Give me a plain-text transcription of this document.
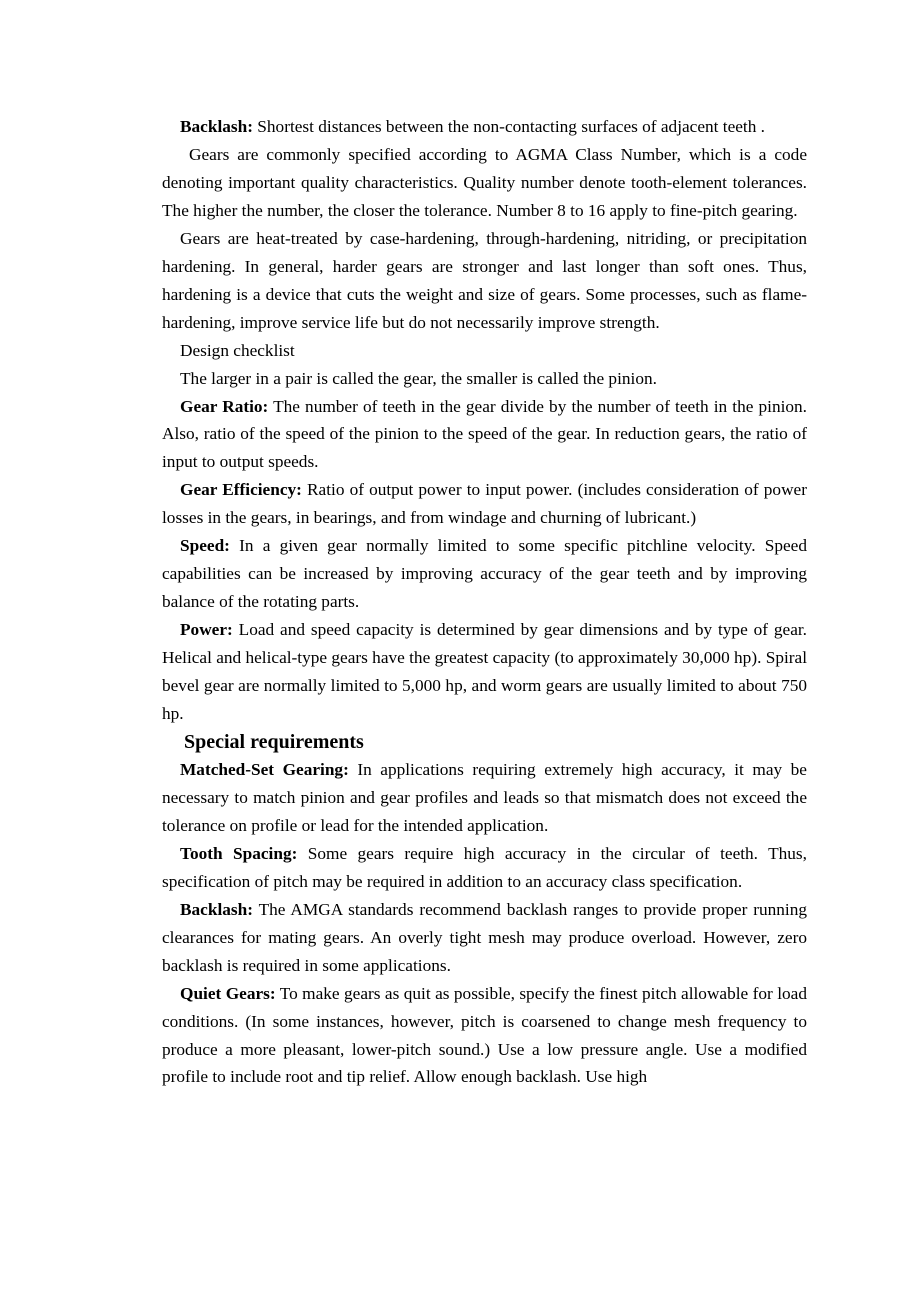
Backlash: Shortest distances between the non-contacting surfaces of adjacent teeth .

Gears are commonly specified according to AGMA Class Number, which is a code denoting important quality characteristics. Quality number denote tooth-element tolerances. The higher the number, the closer the tolerance. Number 8 to 16 apply to fine-pitch gearing.

Gears are heat-treated by case-hardening, through-hardening, nitriding, or precipitation hardening. In general, harder gears are stronger and last longer than soft ones. Thus, hardening is a device that cuts the weight and size of gears. Some processes, such as flame-hardening, improve service life but do not necessarily improve strength.

Design checklist

The larger in a pair is called the gear, the smaller is called the pinion.

Gear Ratio: The number of teeth in the gear divide by the number of teeth in the pinion. Also, ratio of the speed of the pinion to the speed of the gear. In reduction gears, the ratio of input to output speeds.

Gear Efficiency: Ratio of output power to input power. (includes consideration of power losses in the gears, in bearings, and from windage and churning of lubricant.)

Speed: In a given gear normally limited to some specific pitchline velocity. Speed capabilities can be increased by improving accuracy of the gear teeth and by improving balance of the rotating parts.

Power: Load and speed capacity is determined by gear dimensions and by type of gear. Helical and helical-type gears have the greatest capacity (to approximately 30,000 hp). Spiral bevel gear are normally limited to 5,000 hp, and worm gears are usually limited to about 750 hp.

Special requirements

Matched-Set Gearing: In applications requiring extremely high accuracy, it may be necessary to match pinion and gear profiles and leads so that mismatch does not exceed the tolerance on profile or lead for the intended application.

Tooth Spacing: Some gears require high accuracy in the circular of teeth. Thus, specification of pitch may be required in addition to an accuracy class specification.

Backlash: The AMGA standards recommend backlash ranges to provide proper running clearances for mating gears. An overly tight mesh may produce overload. However, zero backlash is required in some applications.

Quiet Gears: To make gears as quit as possible, specify the finest pitch allowable for load conditions. (In some instances, however, pitch is coarsened to change mesh frequency to produce a more pleasant, lower-pitch sound.) Use a low pressure angle. Use a modified profile to include root and tip relief. Allow enough backlash. Use high
